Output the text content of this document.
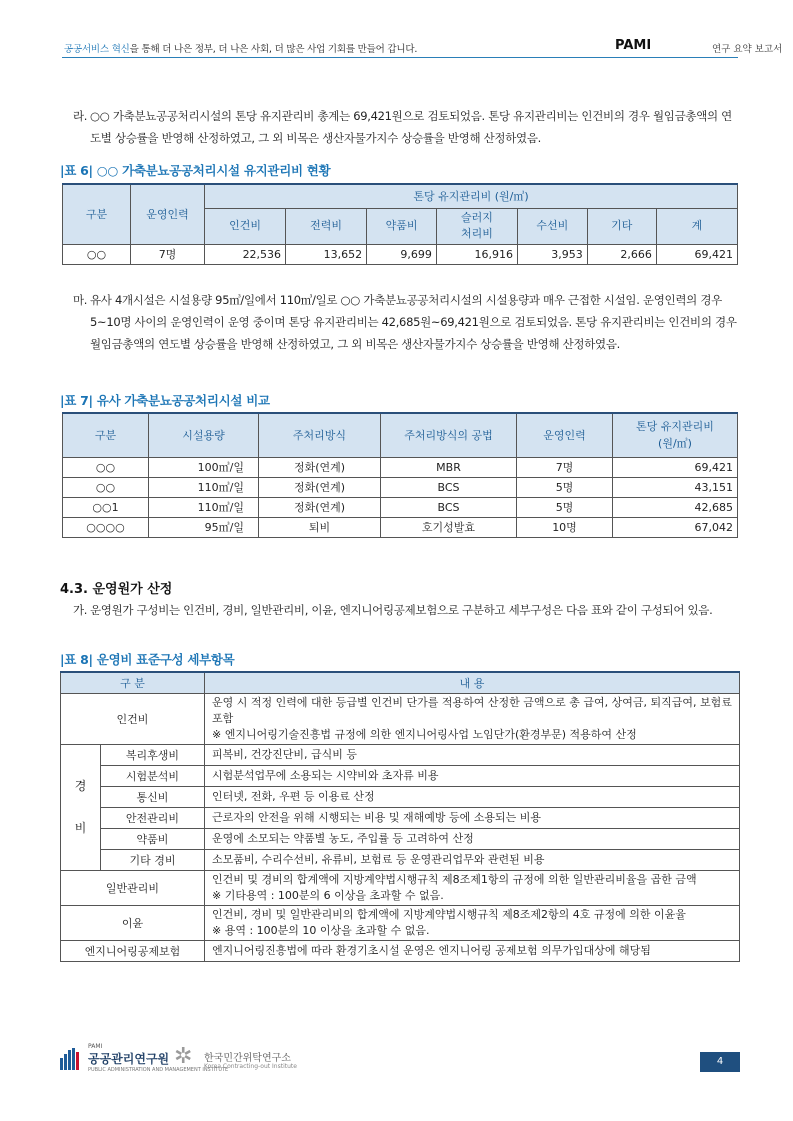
공공서비스 혁신을 통해 더 나은 정부, 더 나은 사회, 더 많은 사업 기회를 만들어 갑니다.	PAMI	연구 요약 보고서
라. ○○ 가축분뇨공공처리시설의 톤당 유지관리비 총계는 69,421원으로 검토되었음. 톤당 유지관리비는 인건비의 경우 월임금총액의 연도별 상승률을 반영해 산정하였고, 그 외 비목은 생산자물가지수 상승률을 반영해 산정하였음.
|표 6| ○○ 가축분뇨공공처리시설 유지관리비 현황
구분	운영인력	톤당 유지관리비 (원/㎥)						
		인건비	전력비	약품비	슬러지
처리비	수선비	기타	계
○○	7명	22,536	13,652	9,699	16,916	3,953	2,666	69,421
마. 유사 4개시설은 시설용량 95㎥/일에서 110㎥/일로 ○○ 가축분뇨공공처리시설의 시설용량과 매우 근접한 시설임. 운영인력의 경우 5~10명 사이의 운영인력이 운영 중이며 톤당 유지관리비는 42,685원~69,421원으로 검토되었음. 톤당 유지관리비는 인건비의 경우 월임금총액의 연도별 상승률을 반영해 산정하였고, 그 외 비목은 생산자물가지수 상승률을 반영해 산정하였음.
|표 7| 유사 가축분뇨공공처리시설 비교
구분	시설용량	주처리방식	주처리방식의 공법	운영인력	톤당 유지관리비
(원/㎥)
○○	100㎥/일	정화(연계)	MBR	7명	69,421
○○	110㎥/일	정화(연계)	BCS	5명	43,151
○○1	110㎥/일	정화(연계)	BCS	5명	42,685
○○○○	95㎥/일	퇴비	호기성발효	10명	67,042
4.3. 운영원가 산정
가. 운영원가 구성비는 인건비, 경비, 일반관리비, 이윤, 엔지니어링공제보험으로 구분하고 세부구성은 다음 표와 같이 구성되어 있음.
|표 8| 운영비 표준구성 세부항목
구 분		내 용
인건비		운영 시 적정 인력에 대한 등급별 인건비 단가를 적용하여 산정한 금액으로 총 급여, 상여금, 퇴직급여, 보험료 포함
※ 엔지니어링기술진흥법 규정에 의한 엔지니어링사업 노임단가(환경부문) 적용하여 산정

경
비	복리후생비	피복비, 건강진단비, 급식비 등
	시험분석비	시험분석업무에 소용되는 시약비와 초자류 비용
	통신비	인터넷, 전화, 우편 등 이용료 산정
	안전관리비	근로자의 안전을 위해 시행되는 비용 및 재해예방 등에 소용되는 비용
	약품비	운영에 소모되는 약품별 농도, 주입률 등 고려하여 산정
	기타 경비	소모품비, 수리수선비, 유류비, 보험료 등 운영관리업무와 관련된 비용
일반관리비		인건비 및 경비의 합계액에 지방계약법시행규칙 제8조제1항의 규정에 의한 일반관리비율을 곱한 금액
※ 기타용역 : 100분의 6 이상을 초과할 수 없음.

이윤		인건비, 경비 및 일반관리비의 합계액에 지방계약법시행규칙 제8조제2항의 4호 규정에 의한 이윤율
※ 용역 : 100분의 10 이상을 초과할 수 없음.

엔지니어링공제보험		엔지니어링진흥법에 따라 환경기초시설 운영은 엔지니어링 공제보험 의무가입대상에 해당됨
PAMI
공공관리연구원
PUBLIC ADMINISTRATION AND MANAGEMENT INSTITUTE
✲ 한국민간위탁연구소
Korea Contracting-out Institute	4
